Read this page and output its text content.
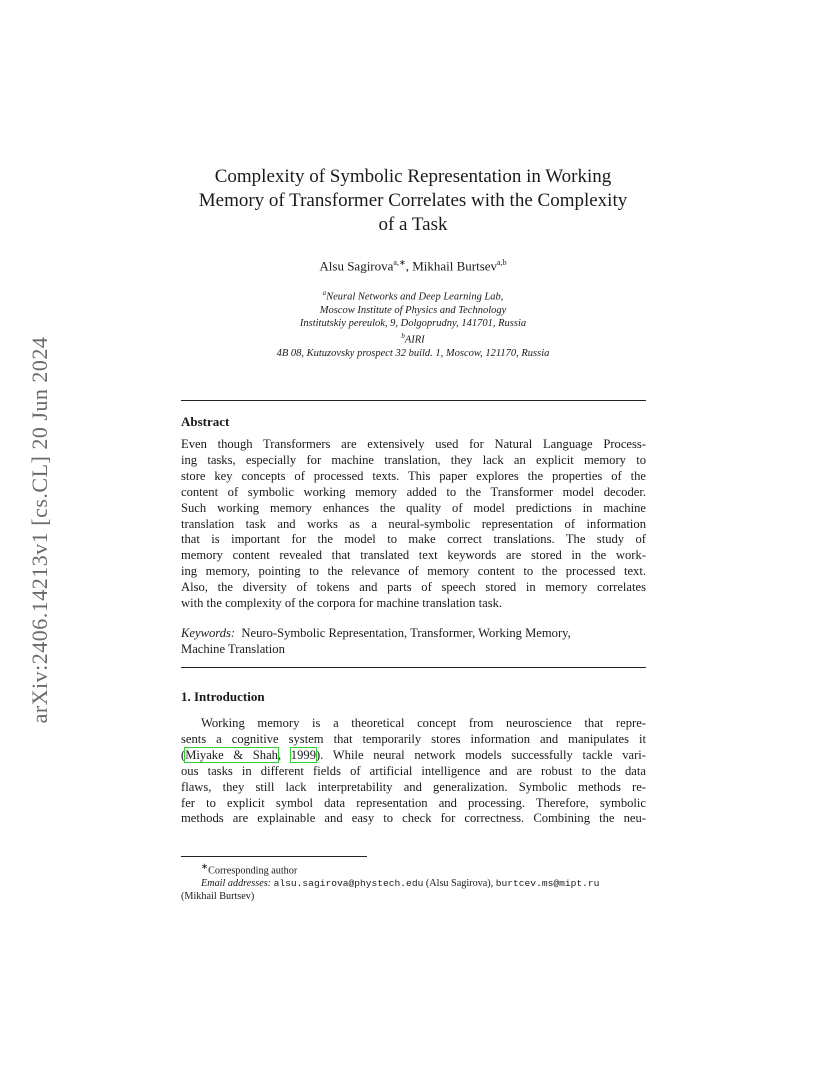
arXiv:2406.14213v1 [cs.CL] 20 Jun 2024
Complexity of Symbolic Representation in Working
Memory of Transformer Correlates with the Complexity
of a Task
Alsu Sagirova$^{a,∗}$, Mikhail Burtsev$^{a,b}$
$^a$Neural Networks and Deep Learning Lab,
Moscow Institute of Physics and Technology
Institutskiy pereulok, 9, Dolgoprudny, 141701, Russia
$^b$AIRI
4B 08, Kutuzovsky prospect 32 build. 1, Moscow, 121170, Russia
Abstract
Even though Transformers are extensively used for Natural Language Process-
ing tasks, especially for machine translation, they lack an explicit memory to
store key concepts of processed texts. This paper explores the properties of the
content of symbolic working memory added to the Transformer model decoder.
Such working memory enhances the quality of model predictions in machine
translation task and works as a neural-symbolic representation of information
that is important for the model to make correct translations. The study of
memory content revealed that translated text keywords are stored in the work-
ing memory, pointing to the relevance of memory content to the processed text.
Also, the diversity of tokens and parts of speech stored in memory correlates
with the complexity of the corpora for machine translation task.
Keywords: Neuro-Symbolic Representation, Transformer, Working Memory,
Machine Translation
1. Introduction
Working memory is a theoretical concept from neuroscience that repre-
sents a cognitive system that temporarily stores information and manipulates it
(Miyake & Shah, 1999). While neural network models successfully tackle vari-
ous tasks in different fields of artificial intelligence and are robust to the data
flaws, they still lack interpretability and generalization. Symbolic methods re-
fer to explicit symbol data representation and processing. Therefore, symbolic
methods are explainable and easy to check for correctness. Combining the neu-
∗Corresponding author
Email addresses: alsu.sagirova@phystech.edu (Alsu Sagirova), burtcev.ms@mipt.ru
(Mikhail Burtsev)
